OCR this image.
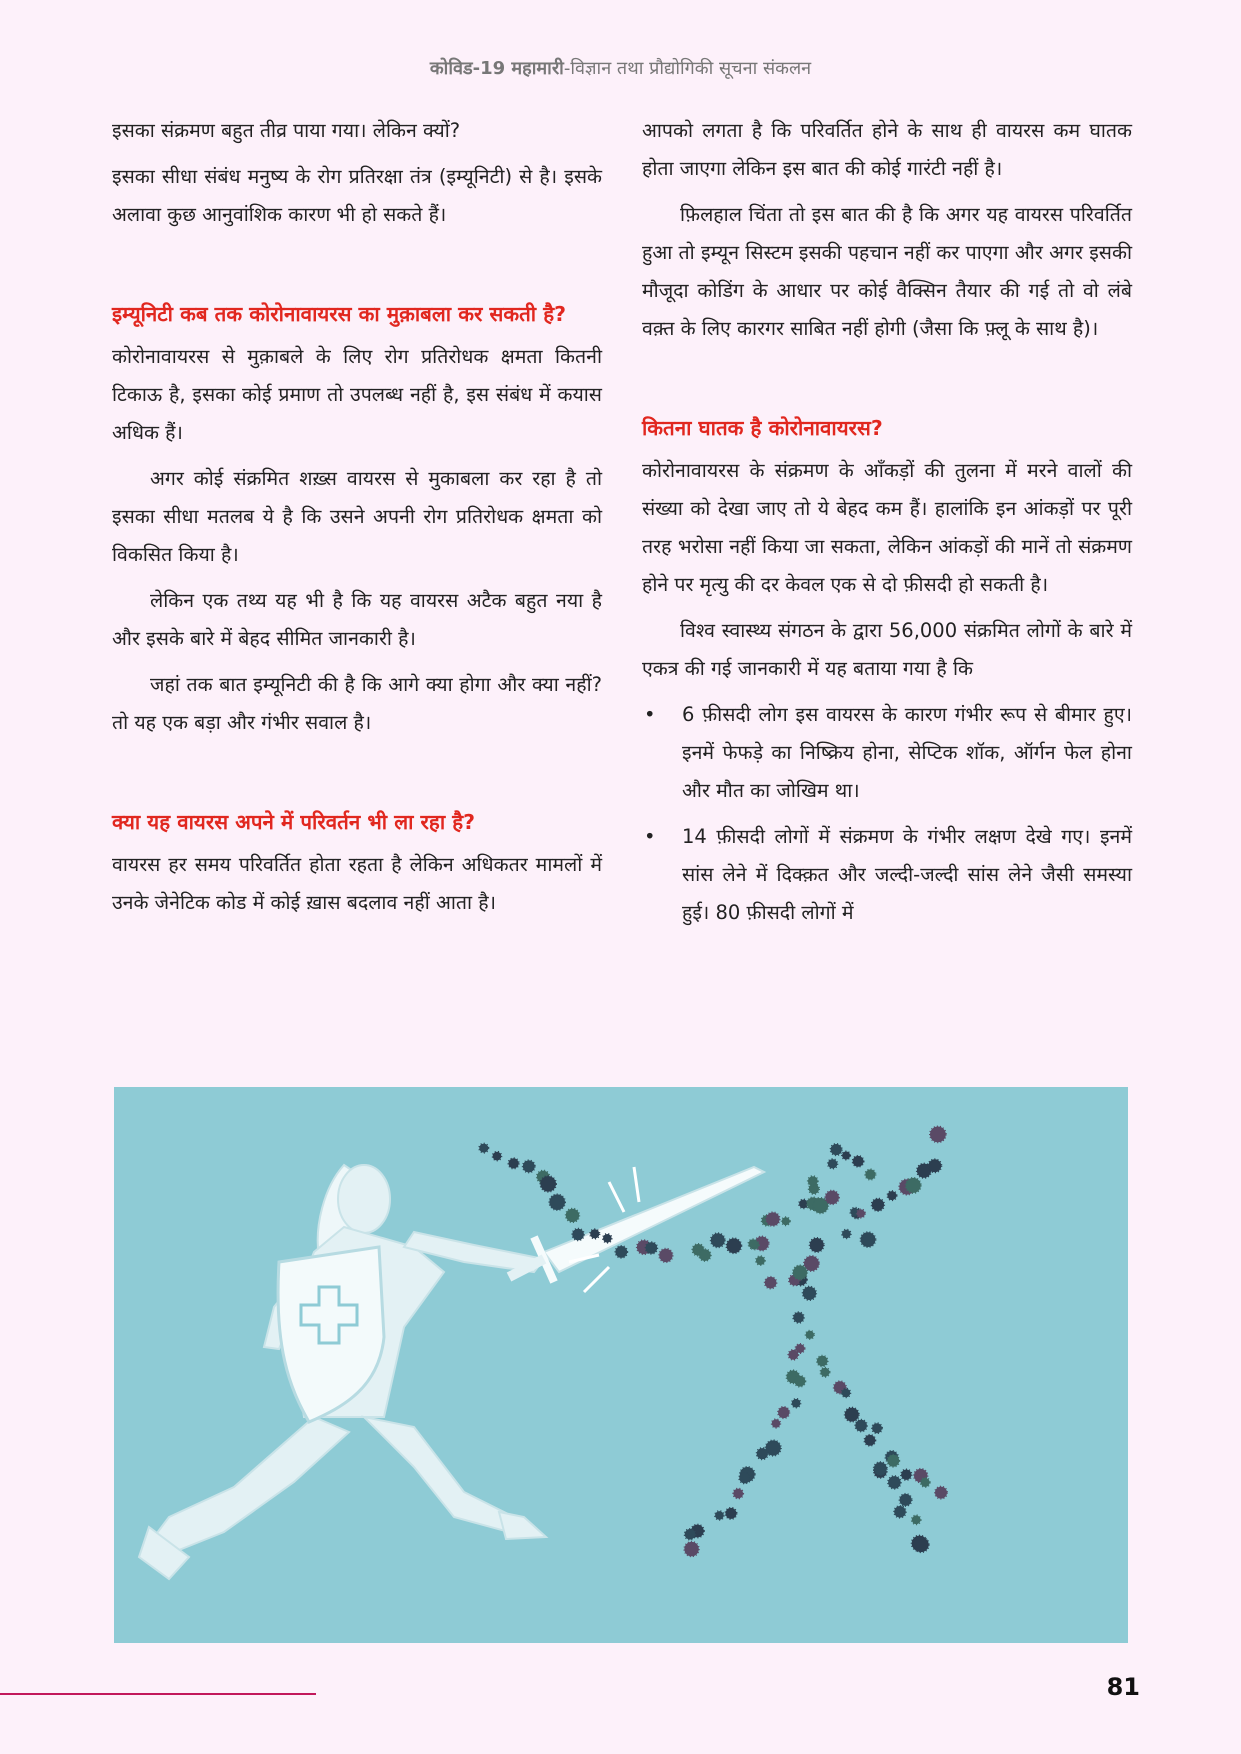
कोविड-19 महामारी-विज्ञान तथा प्रौद्योगिकी सूचना संकलन

इसका संक्रमण बहुत तीव्र पाया गया। लेकिन क्यों?

इसका सीधा संबंध मनुष्य के रोग प्रतिरक्षा तंत्र (इम्यूनिटी) से है। इसके अलावा कुछ आनुवांशिक कारण भी हो सकते हैं।

इम्यूनिटी कब तक कोरोनावायरस का मुक़ाबला कर सकती है?

कोरोनावायरस से मुक़ाबले के लिए रोग प्रतिरोधक क्षमता कितनी टिकाऊ है, इसका कोई प्रमाण तो उपलब्ध नहीं है, इस संबंध में कयास अधिक हैं।

अगर कोई संक्रमित शख़्स वायरस से मुकाबला कर रहा है तो इसका सीधा मतलब ये है कि उसने अपनी रोग प्रतिरोधक क्षमता को विकसित किया है।

लेकिन एक तथ्य यह भी है कि यह वायरस अटैक बहुत नया है और इसके बारे में बेहद सीमित जानकारी है।

जहां तक बात इम्यूनिटी की है कि आगे क्या होगा और क्या नहीं? तो यह एक बड़ा और गंभीर सवाल है।

क्या यह वायरस अपने में परिवर्तन भी ला रहा है?

वायरस हर समय परिवर्तित होता रहता है लेकिन अधिकतर मामलों में उनके जेनेटिक कोड में कोई ख़ास बदलाव नहीं आता है।

आपको लगता है कि परिवर्तित होने के साथ ही वायरस कम घातक होता जाएगा लेकिन इस बात की कोई गारंटी नहीं है।

फ़िलहाल चिंता तो इस बात की है कि अगर यह वायरस परिवर्तित हुआ तो इम्यून सिस्टम इसकी पहचान नहीं कर पाएगा और अगर इसकी मौजूदा कोडिंग के आधार पर कोई वैक्सिन तैयार की गई तो वो लंबे वक़्त के लिए कारगर साबित नहीं होगी (जैसा कि फ़्लू के साथ है)।

कितना घातक है कोरोनावायरस?

कोरोनावायरस के संक्रमण के आँकड़ों की तुलना में मरने वालों की संख्या को देखा जाए तो ये बेहद कम हैं। हालांकि इन आंकड़ों पर पूरी तरह भरोसा नहीं किया जा सकता, लेकिन आंकड़ों की मानें तो संक्रमण होने पर मृत्यु की दर केवल एक से दो फ़ीसदी हो सकती है।

विश्व स्वास्थ्य संगठन के द्वारा 56,000 संक्रमित लोगों के बारे में एकत्र की गई जानकारी में यह बताया गया है कि

• 6 फ़ीसदी लोग इस वायरस के कारण गंभीर रूप से बीमार हुए। इनमें फेफड़े का निष्क्रिय होना, सेप्टिक शॉक, ऑर्गन फेल होना और मौत का जोखिम था।
• 14 फ़ीसदी लोगों में संक्रमण के गंभीर लक्षण देखे गए। इनमें सांस लेने में दिक्क़त और जल्दी-जल्दी सांस लेने जैसी समस्या हुई। 80 फ़ीसदी लोगों में
81
